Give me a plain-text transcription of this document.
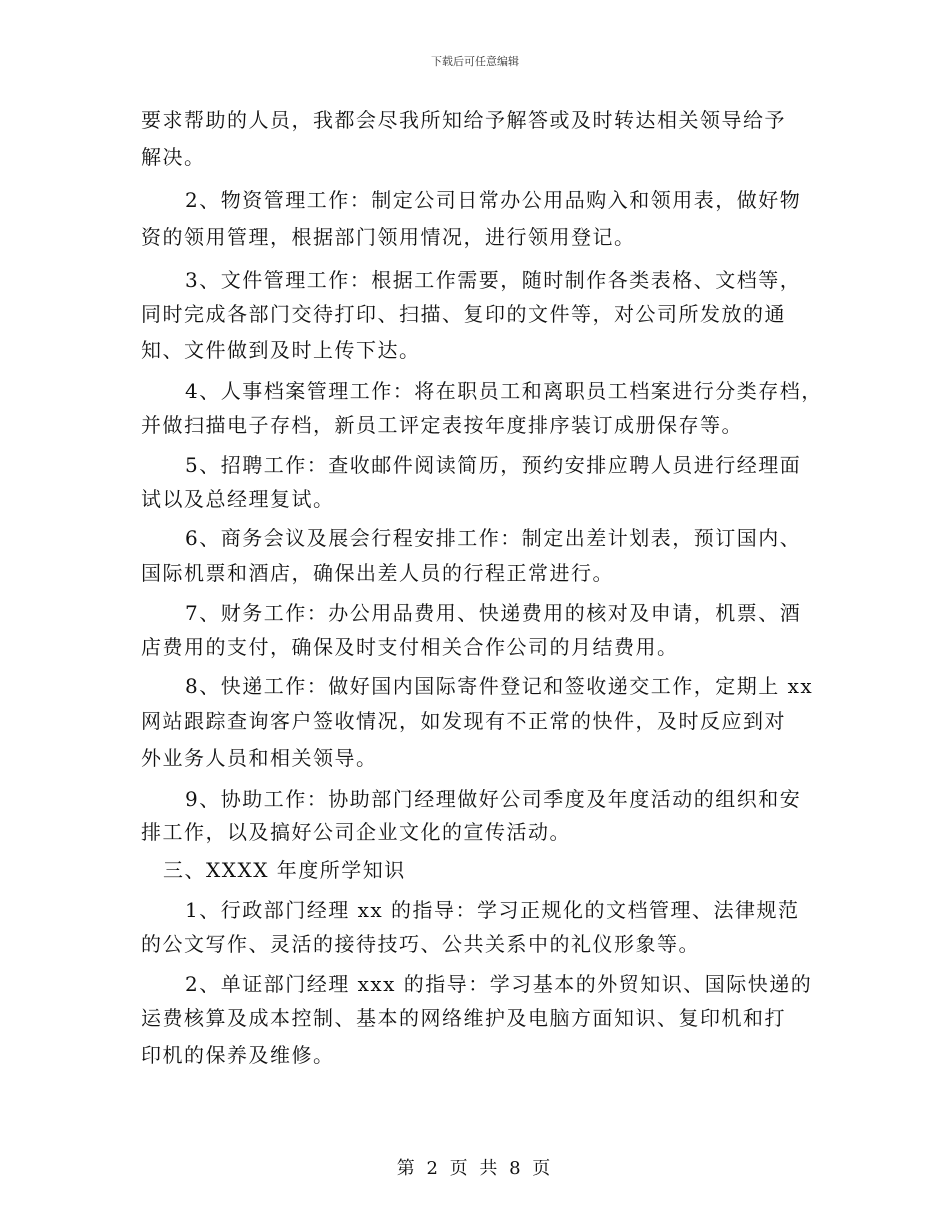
下载后可任意编辑
要求帮助的人员，我都会尽我所知给予解答或及时转达相关领导给予
解决。
2、物资管理工作：制定公司日常办公用品购入和领用表，做好物
资的领用管理，根据部门领用情况，进行领用登记。
3、文件管理工作：根据工作需要，随时制作各类表格、文档等，
同时完成各部门交待打印、扫描、复印的文件等，对公司所发放的通
知、文件做到及时上传下达。
4、人事档案管理工作：将在职员工和离职员工档案进行分类存档，
并做扫描电子存档，新员工评定表按年度排序装订成册保存等。
5、招聘工作：查收邮件阅读简历，预约安排应聘人员进行经理面
试以及总经理复试。
6、商务会议及展会行程安排工作：制定出差计划表，预订国内、
国际机票和酒店，确保出差人员的行程正常进行。
7、财务工作：办公用品费用、快递费用的核对及申请，机票、酒
店费用的支付，确保及时支付相关合作公司的月结费用。
8、快递工作：做好国内国际寄件登记和签收递交工作，定期上 xx
网站跟踪查询客户签收情况，如发现有不正常的快件，及时反应到对
外业务人员和相关领导。
9、协助工作：协助部门经理做好公司季度及年度活动的组织和安
排工作，以及搞好公司企业文化的宣传活动。
三、XXXX 年度所学知识
1、行政部门经理 xx 的指导：学习正规化的文档管理、法律规范
的公文写作、灵活的接待技巧、公共关系中的礼仪形象等。
2、单证部门经理 xxx 的指导：学习基本的外贸知识、国际快递的
运费核算及成本控制、基本的网络维护及电脑方面知识、复印机和打
印机的保养及维修。
第 2 页 共 8 页
